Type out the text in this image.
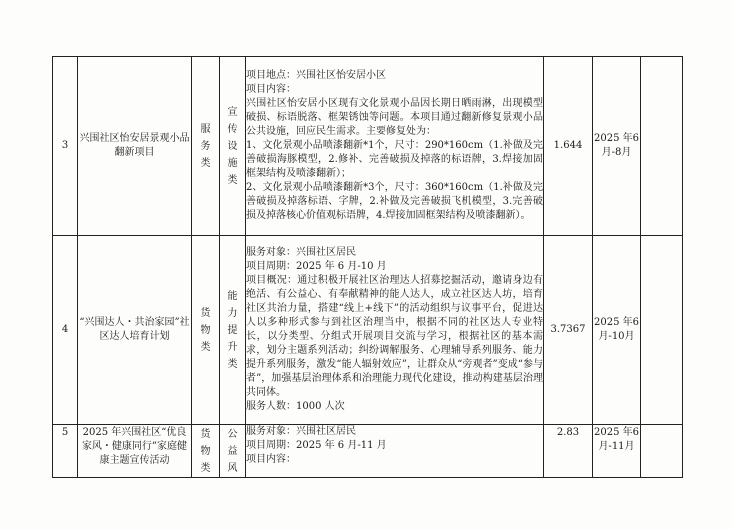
3	兴围社区怡安居景观小品翻新项目	服务类	宣传设施类	项目地点：兴围社区怡安居小区
项目内容：
兴围社区怡安居小区现有文化景观小品因长期日晒雨淋，出现模型破损、标语脱落、框架锈蚀等问题。本项目通过翻新修复景观小品公共设施，回应民生需求。主要修复处为：
1、文化景观小品喷漆翻新*1个，尺寸：290*160cm（1.补做及完善破损海豚模型，2.修补、完善破损及掉落的标语牌，3.焊接加固框架结构及喷漆翻新）；
2、文化景观小品喷漆翻新*3个，尺寸：360*160cm（1.补做及完善破损及掉落标语、字牌，2.补做及完善破损飞机模型，3.完善破损及掉落核心价值观标语牌，4.焊接加固框架结构及喷漆翻新）。	1.644	2025 年6月-8月	
4	“兴围达人・共治家园”社区达人培育计划	货物类	能力提升类	服务对象：兴围社区居民
项目周期：2025 年 6 月-10 月
项目概况：通过积极开展社区治理达人招募挖掘活动，邀请身边有绝活、有公益心、有奉献精神的能人达人，成立社区达人坊，培育社区共治力量，搭建“线上+线下”的活动组织与议事平台，促进达人以多种形式参与到社区治理当中，根据不同的社区达人专业特长，以分类型、分组式开展项目交流与学习，根据社区的基本需求，划分主题系列活动；纠纷调解服务、心理辅导系列服务、能力提升系列服务，激发“能人辐射效应”，让群众从“旁观者”变成“参与者”，加强基层治理体系和治理能力现代化建设，推动构建基层治理共同体。
服务人数：1000 人次	3.7367	2025 年6月-10月	
5	2025 年兴围社区“优良家风・健康同行”家庭健康主题宣传活动	货物类	公益风	服务对象：兴围社区居民
项目周期：2025 年 6 月-11 月
项目内容：	2.83	2025 年6月-11月	
